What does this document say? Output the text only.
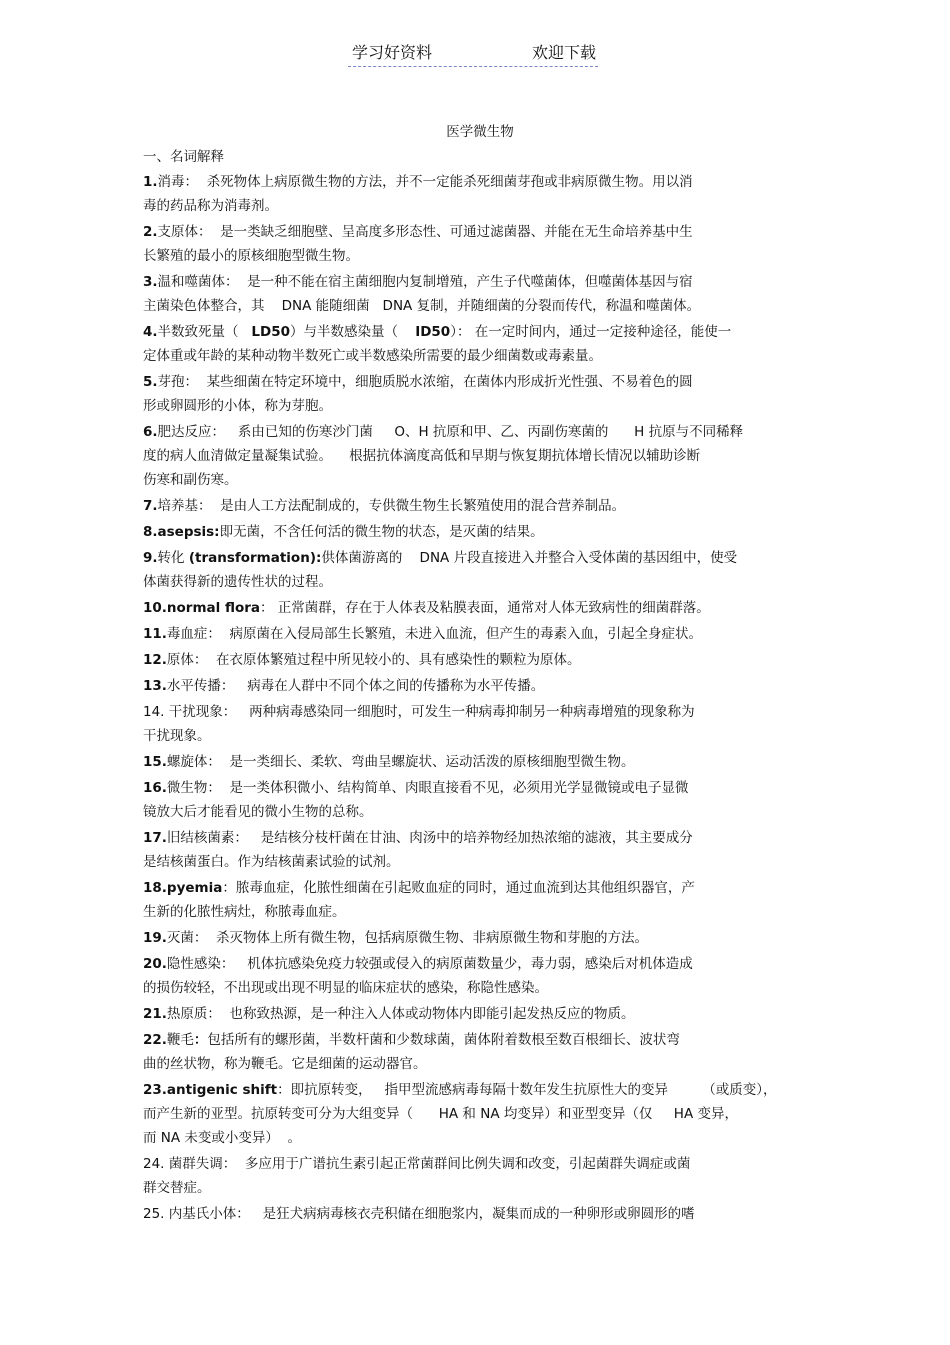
学习好资料	欢迎下载
医学微生物
一、名词解释
1.消毒：  杀死物体上病原微生物的方法，并不一定能杀死细菌芽孢或非病原微生物。用以消
毒的药品称为消毒剂。
2.支原体：  是一类缺乏细胞壁、呈高度多形态性、可通过滤菌器、并能在无生命培养基中生
长繁殖的最小的原核细胞型微生物。
3.温和噬菌体：  是一种不能在宿主菌细胞内复制增殖，产生子代噬菌体，但噬菌体基因与宿
主菌染色体整合，其    DNA 能随细菌   DNA 复制，并随细菌的分裂而传代，称温和噬菌体。
4.半数致死量（   LD50）与半数感染量（    ID50）： 在一定时间内，通过一定接种途径，能使一
定体重或年龄的某种动物半数死亡或半数感染所需要的最少细菌数或毒素量。
5.芽孢：  某些细菌在特定环境中，细胞质脱水浓缩，在菌体内形成折光性强、不易着色的圆
形或卵圆形的小体，称为芽胞。
6.肥达反应：   系由已知的伤寒沙门菌     O、H 抗原和甲、乙、丙副伤寒菌的      H 抗原与不同稀释
度的病人血清做定量凝集试验。    根据抗体滴度高低和早期与恢复期抗体增长情况以辅助诊断
伤寒和副伤寒。
7.培养基：  是由人工方法配制成的，专供微生物生长繁殖使用的混合营养制品。
8.asepsis:即无菌，不含任何活的微生物的状态，是灭菌的结果。
9.转化 (transformation):供体菌游离的    DNA 片段直接进入并整合入受体菌的基因组中，使受
体菌获得新的遗传性状的过程。
10.normal flora： 正常菌群，存在于人体表及粘膜表面，通常对人体无致病性的细菌群落。
11.毒血症：  病原菌在入侵局部生长繁殖，未进入血流，但产生的毒素入血，引起全身症状。
12.原体：  在衣原体繁殖过程中所见较小的、具有感染性的颗粒为原体。
13.水平传播：   病毒在人群中不同个体之间的传播称为水平传播。
14. 干扰现象：   两种病毒感染同一细胞时，可发生一种病毒抑制另一种病毒增殖的现象称为
干扰现象。
15.螺旋体：  是一类细长、柔软、弯曲呈螺旋状、运动活泼的原核细胞型微生物。
16.微生物：  是一类体积微小、结构简单、肉眼直接看不见，必须用光学显微镜或电子显微
镜放大后才能看见的微小生物的总称。
17.旧结核菌素：   是结核分枝杆菌在甘油、肉汤中的培养物经加热浓缩的滤液，其主要成分
是结核菌蛋白。作为结核菌素试验的试剂。
18.pyemia：脓毒血症，化脓性细菌在引起败血症的同时，通过血流到达其他组织器官，产
生新的化脓性病灶，称脓毒血症。
19.灭菌：  杀灭物体上所有微生物，包括病原微生物、非病原微生物和芽胞的方法。
20.隐性感染：   机体抗感染免疫力较强或侵入的病原菌数量少，毒力弱，感染后对机体造成
的损伤较轻，不出现或出现不明显的临床症状的感染，称隐性感染。
21.热原质：  也称致热源，是一种注入人体或动物体内即能引起发热反应的物质。
22.鞭毛：包括所有的螺形菌，半数杆菌和少数球菌，菌体附着数根至数百根细长、波状弯
曲的丝状物，称为鞭毛。它是细菌的运动器官。
23.antigenic shift：即抗原转变，   指甲型流感病毒每隔十数年发生抗原性大的变异        （或质变），
而产生新的亚型。抗原转变可分为大组变异（      HA 和 NA 均变异）和亚型变异（仅     HA 变异，
而 NA 未变或小变异）  。
24. 菌群失调：  多应用于广谱抗生素引起正常菌群间比例失调和改变，引起菌群失调症或菌
群交替症。
25. 内基氏小体：   是狂犬病病毒核衣壳积储在细胞浆内，凝集而成的一种卵形或卵圆形的嗜
